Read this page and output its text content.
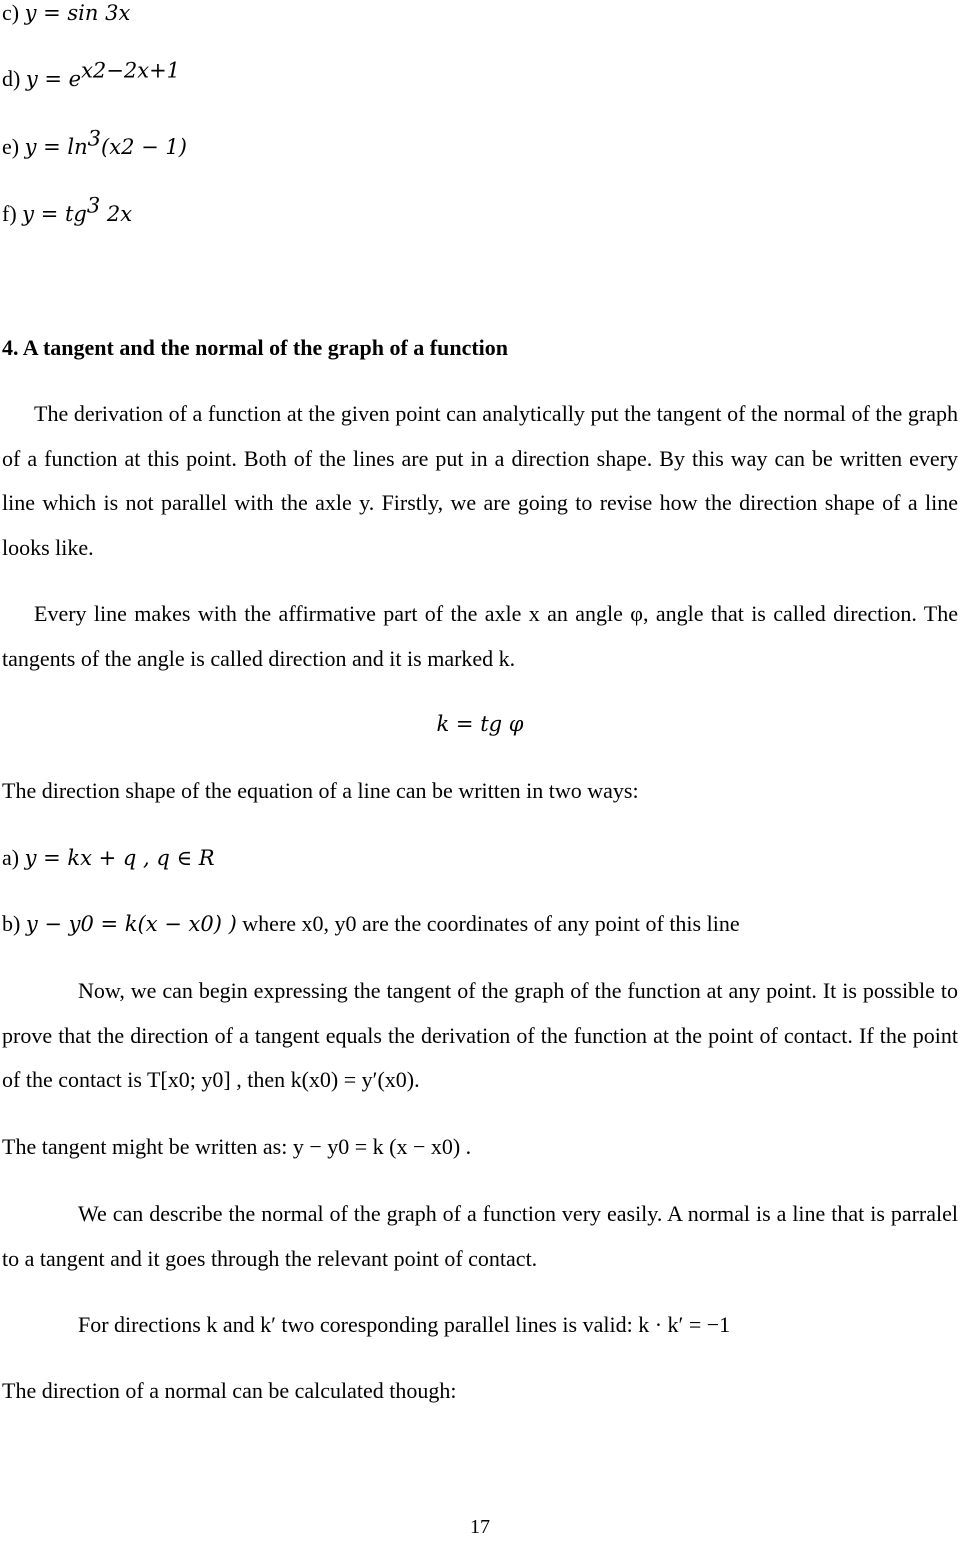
c) y = sin 3x
d) $y = e^{x2-2x+1}$
e) $y = \ln^3(x2 - 1)$
f) $y = tg^3$ 2x
4. A tangent and the normal of the graph of a function
The derivation of a function at the given point can analytically put the tangent of the normal of the graph of a function at this point. Both of the lines are put in a direction shape. By this way can be written every line which is not parallel with the axle y. Firstly, we are going to revise how the direction shape of a line looks like.
Every line makes with the affirmative part of the axle x an angle φ, angle that is called direction. The tangents of the angle is called direction and it is marked k.
k = tg φ
The direction shape of the equation of a line can be written in two ways:
a) y = kx + q , q ∈ R
b) y − y0 = k(x − x0) ) where x0, y0 are the coordinates of any point of this line
Now, we can begin expressing the tangent of the graph of the function at any point. It is possible to prove that the direction of a tangent equals the derivation of the function at the point of contact. If the point of the contact is T[x0; y0] , then k(x0) = y′(x0).
The tangent might be written as: y − y0 = k (x − x0) .
We can describe the normal of the graph of a function very easily. A normal is a line that is parralel to a tangent and it goes through the relevant point of contact.
For directions k and k′ two coresponding parallel lines is valid: k · k′ = −1
The direction of a normal can be calculated though:
17
